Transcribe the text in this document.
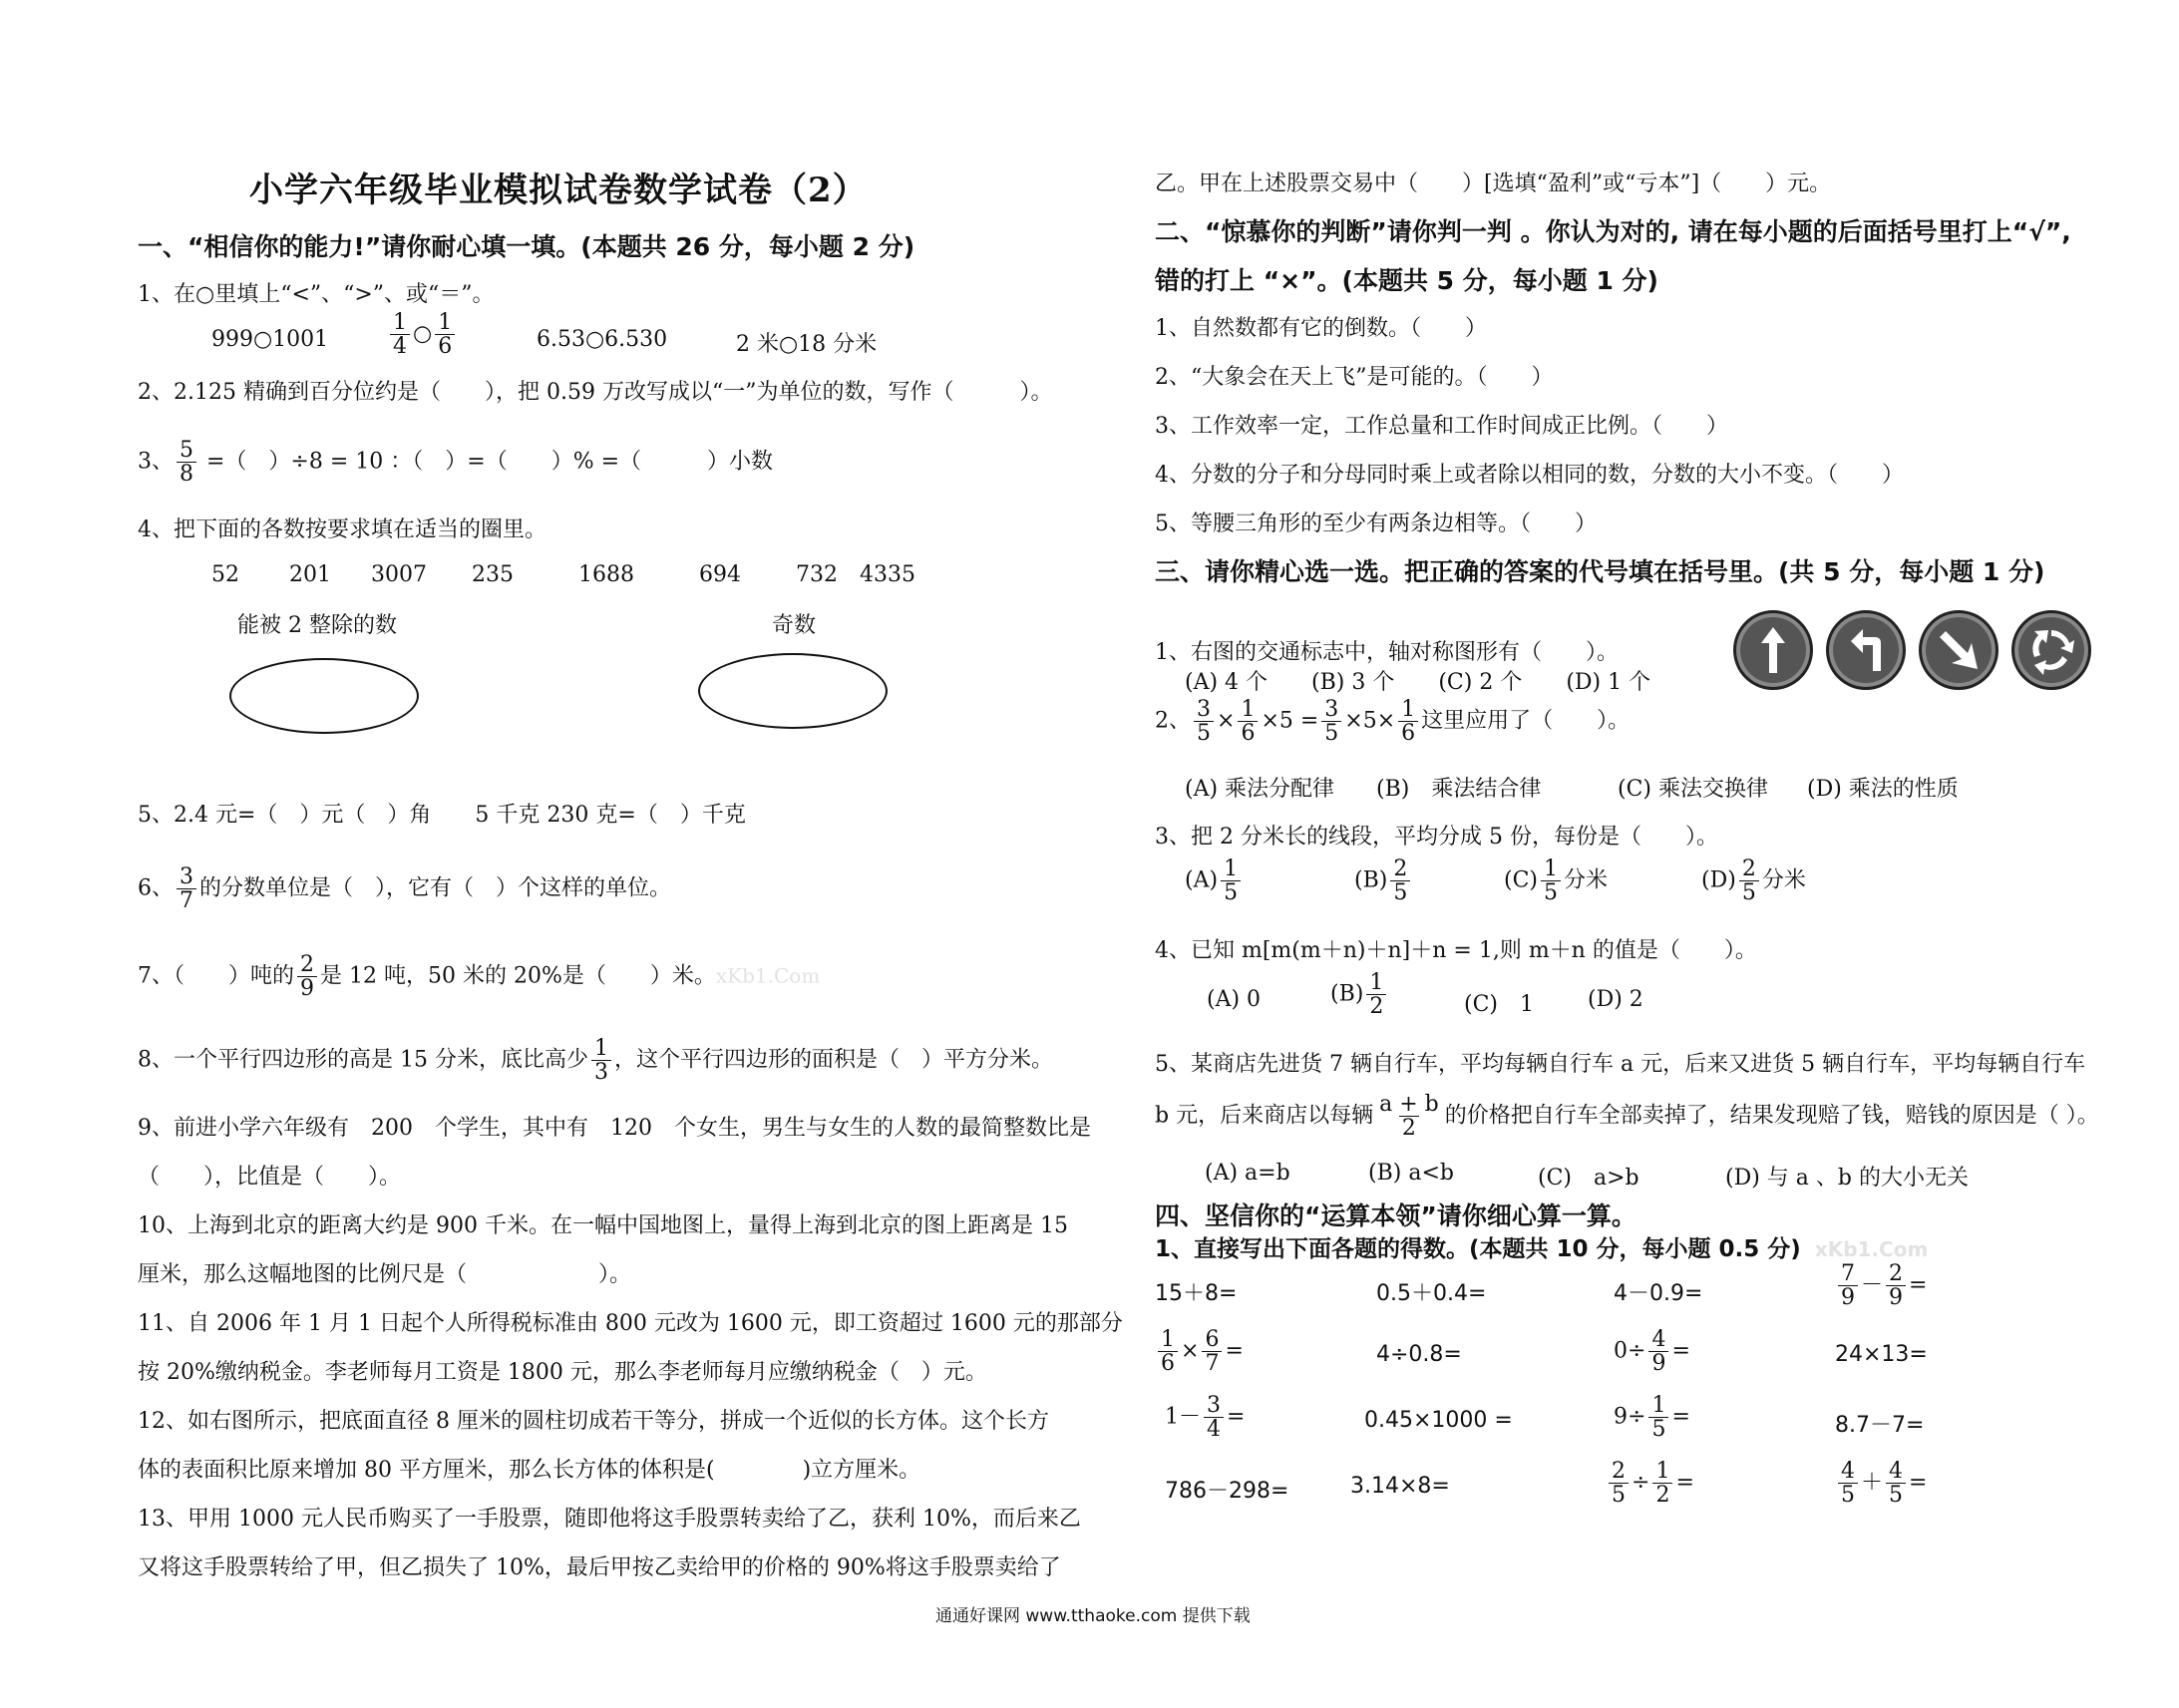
小学六年级毕业模拟试卷数学试卷（2）
一、“相信你的能力!”请你耐心填一填。(本题共 26 分，每小题 2 分)
1、在○里填上“<”、“>”、或“＝”。
999○1001	$\frac{1}{4}$ ○ $\frac{1}{6}$	6.53○6.530	2 米○18 分米
2、2.125 精确到百分位约是（　　），把 0.59 万改写成以“一”为单位的数，写作（　　　）。
3、 $\frac{5}{8}$ =（　）÷8 = 10 ：（　）=（　　）% =（　　　）小数
4、把下面的各数按要求填在适当的圈里。
52 201 3007 235	1688	694	732 4335
能被 2 整除的数	奇数
5、2.4 元=（　）元（　）角　　5 千克 230 克=（　）千克
6、 $\frac{3}{7}$ 的分数单位是（　），它有（　）个这样的单位。
7、（　　）吨的 $\frac{2}{9}$ 是 12 吨，50 米的 20%是（　　）米。xKb1.Com
8、一个平行四边形的高是 15 分米，底比高少 $\frac{1}{3}$ ，这个平行四边形的面积是（　）平方分米。
9、前进小学六年级有　200　个学生，其中有　120　个女生，男生与女生的人数的最简整数比是
（　　），比值是（　　）。
10、上海到北京的距离大约是 900 千米。在一幅中国地图上，量得上海到北京的图上距离是 15
厘米，那么这幅地图的比例尺是（　　　　　　）。
11、自 2006 年 1 月 1 日起个人所得税标准由 800 元改为 1600 元，即工资超过 1600 元的那部分
按 20%缴纳税金。李老师每月工资是 1800 元，那么李老师每月应缴纳税金（　）元。
12、如右图所示，把底面直径 8 厘米的圆柱切成若干等分，拼成一个近似的长方体。这个长方
体的表面积比原来增加 80 平方厘米，那么长方体的体积是(　　　　)立方厘米。
13、甲用 1000 元人民币购买了一手股票，随即他将这手股票转卖给了乙，获利 10%，而后来乙
又将这手股票转给了甲，但乙损失了 10%，最后甲按乙卖给甲的价格的 90%将这手股票卖给了
乙。甲在上述股票交易中（　　）[选填“盈利”或“亏本”]（　　）元。
二、“惊慕你的判断”请你判一判 。你认为对的, 请在每小题的后面括号里打上“√”,
错的打上 “×”。(本题共 5 分，每小题 1 分)
1、自然数都有它的倒数。（　　）
2、“大象会在天上飞”是可能的。（　　）
3、工作效率一定，工作总量和工作时间成正比例。（　　）
4、分数的分子和分母同时乘上或者除以相同的数，分数的大小不变。（　　）
5、等腰三角形的至少有两条边相等。（　　）
三、请你精心选一选。把正确的答案的代号填在括号里。(共 5 分，每小题 1 分)
1、右图的交通标志中，轴对称图形有（　　）。
(A) 4 个　　(B) 3 个　　(C) 2 个　　(D) 1 个
2、 $\frac{3}{5} \times \frac{1}{6} \times 5 = \frac{3}{5} \times 5\times \frac{1}{6}$ 这里应用了（　　）。
(A) 乘法分配律 (B)　乘法结合律	(C) 乘法交换律 (D) 乘法的性质
3、把 2 分米长的线段，平均分成 5 份，每份是（　　）。
$(A) \frac{1}{5}$	$(B) \frac{2}{5}$	$(C) \frac{1}{5}$ 分米	$(D) \frac{2}{5}$ 分米
4、已知 m[m(m＋n)＋n]＋n = 1,则 m＋n 的值是（　　）。
(A) 0	$(B) \frac{1}{2}$	(C)　1 (D) 2
5、某商店先进货 7 辆自行车，平均每辆自行车 a 元，后来又进货 5 辆自行车，平均每辆自行车
b 元，后来商店以每辆 $\frac{a + b}{2}$ 的价格把自行车全部卖掉了，结果发现赔了钱，赔钱的原因是（ ）。
(A) a=b	(B) a<b	(C)　a>b	(D) 与 a 、b 的大小无关
四、坚信你的“运算本领”请你细心算一算。
1、直接写出下面各题的得数。(本题共 10 分，每小题 0.5 分) xKb1.Com
15＋8=	0.5＋0.4=	4－0.9=	$\frac{7}{9} - \frac{2}{9}$ =
$\frac{1}{6} \times \frac{6}{7}$ =	4÷0.8=	$0\div \frac{4}{9}$ =	24×13=
$1- \frac{3}{4}$ =	0.45×1000 =	$9\div \frac{1}{5}$ =	8.7－7=
786－298=	3.14×8=	$\frac{2}{5} \div \frac{1}{2}$ =	$\frac{4}{5} + \frac{4}{5}$ =
通通好课网 www.tthaoke.com 提供下载
